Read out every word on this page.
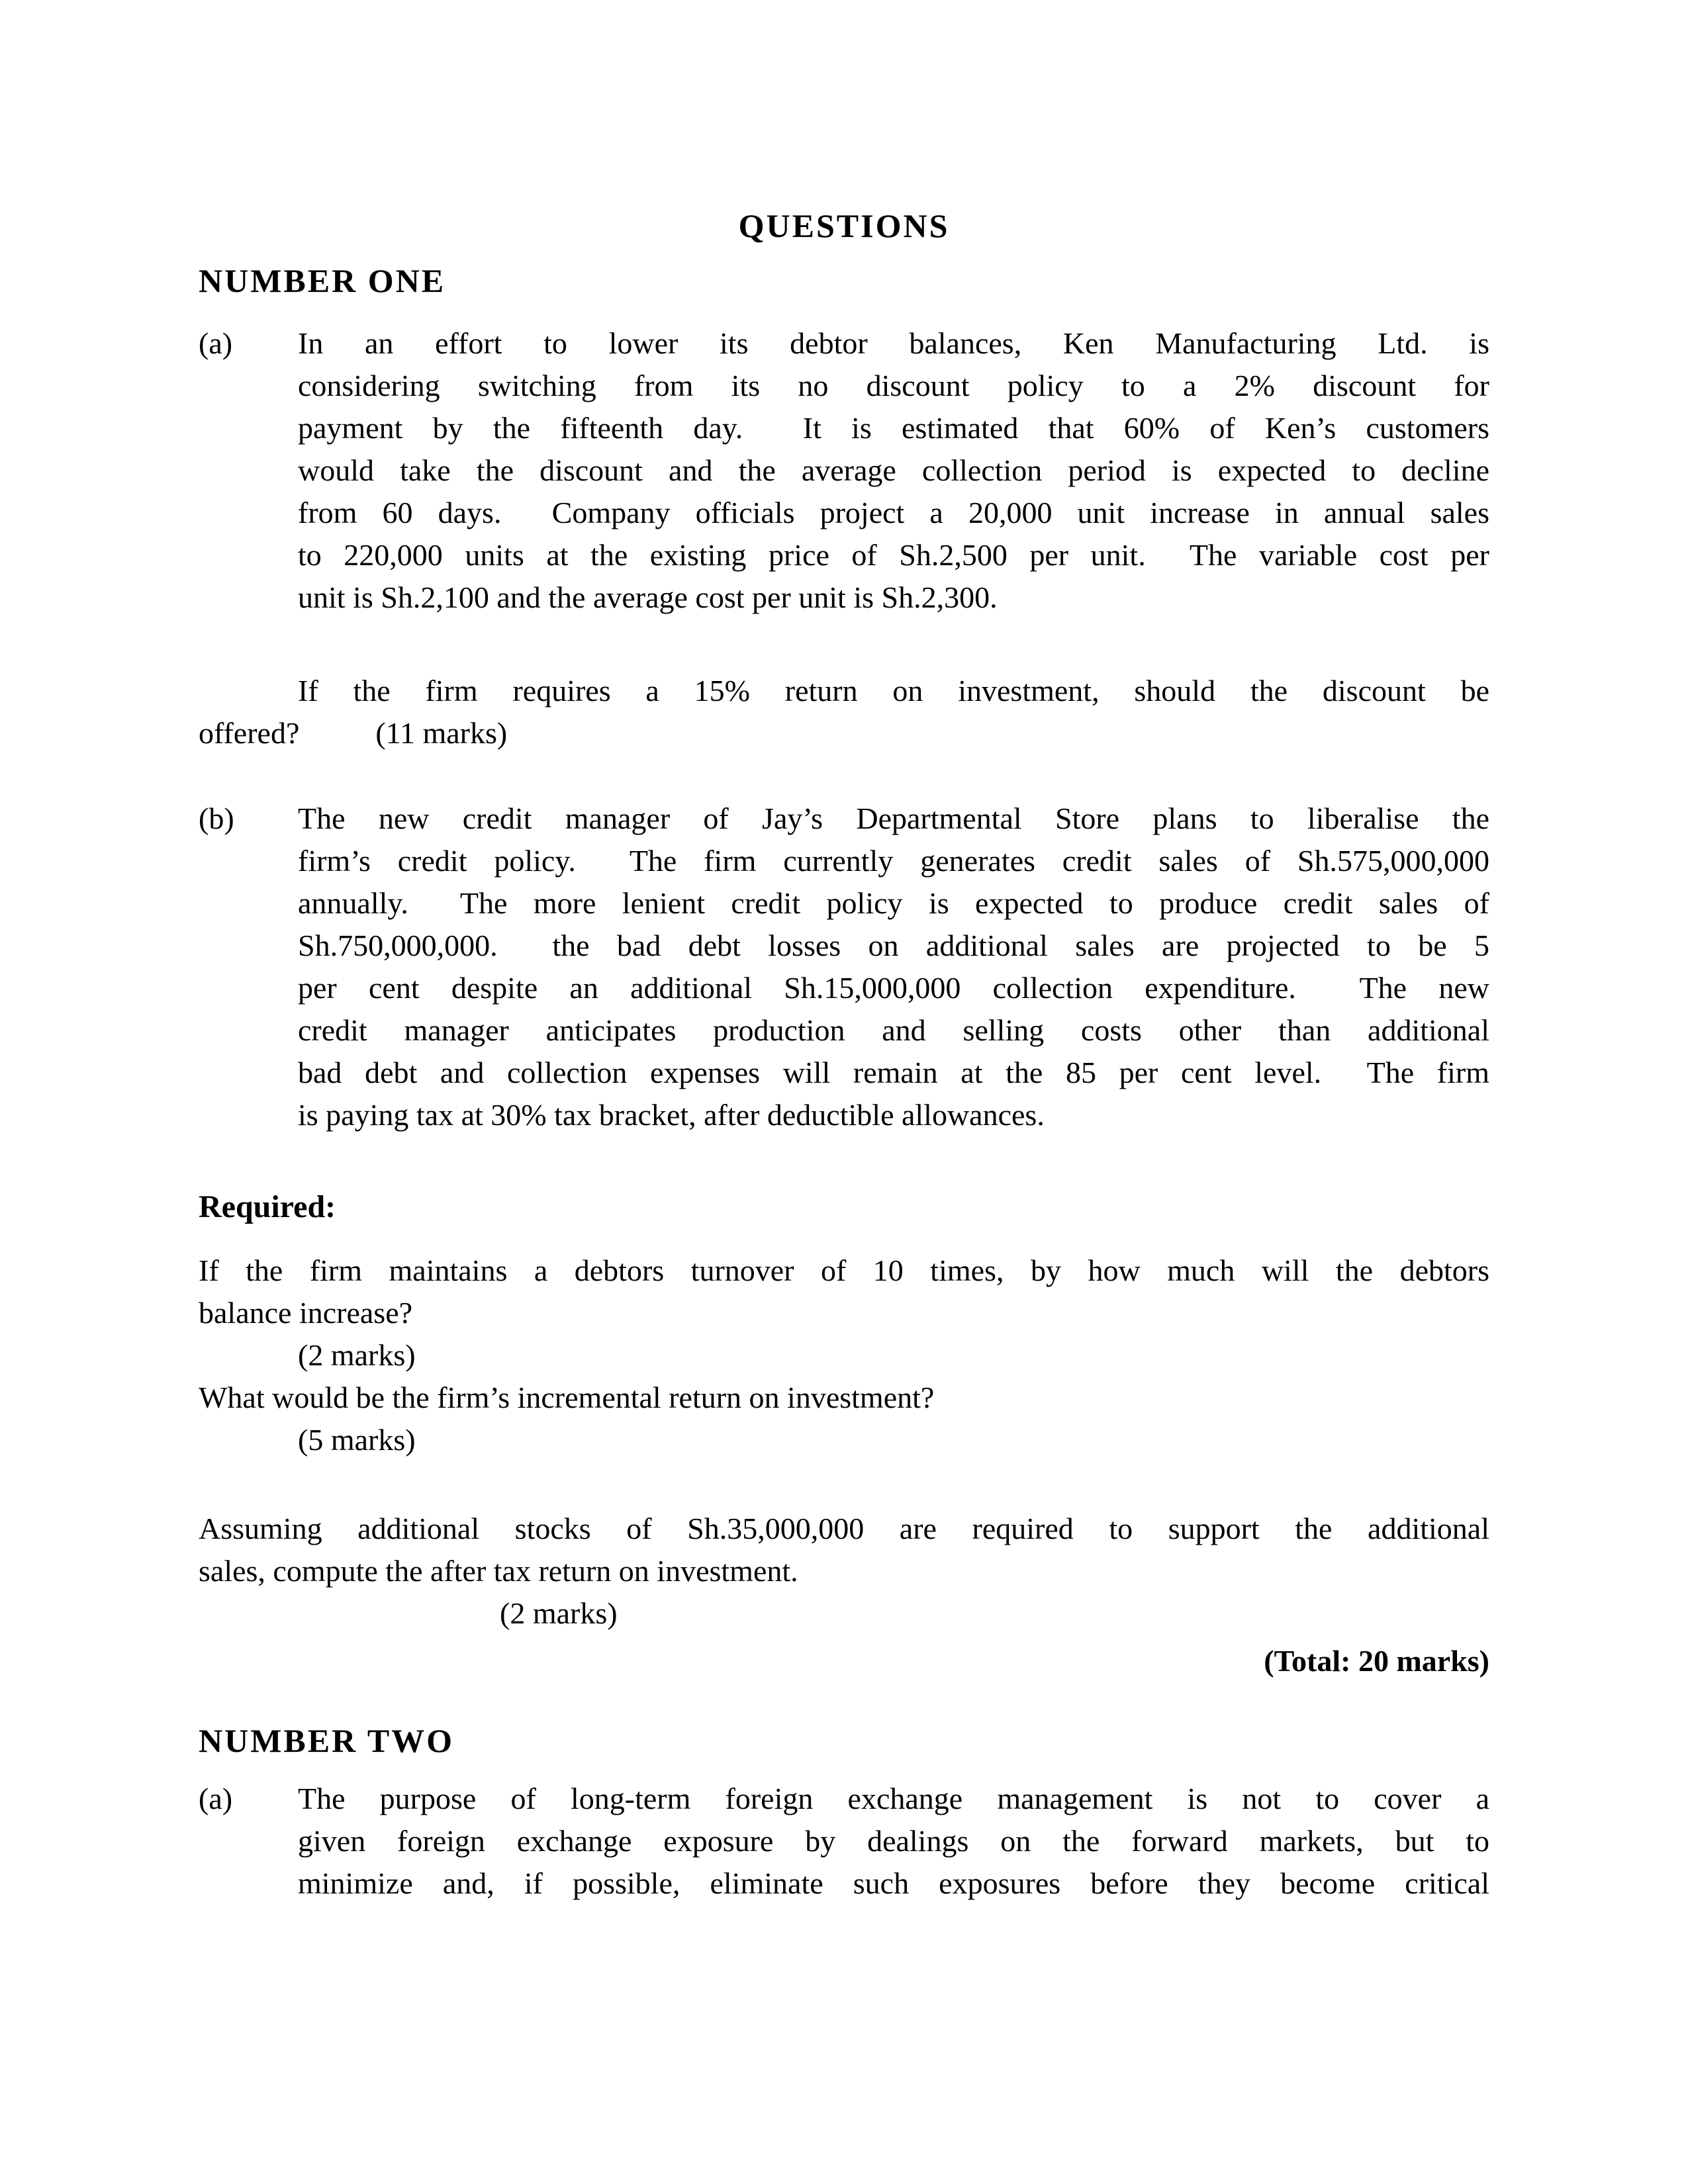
QUESTIONS
NUMBER ONE
(a) In an effort to lower its debtor balances, Ken Manufacturing Ltd. is
considering switching from its no discount policy to a 2% discount for
payment by the fifteenth day.  It is estimated that 60% of Ken’s customers
would take the discount and the average collection period is expected to decline
from 60 days.  Company officials project a 20,000 unit increase in annual sales
to 220,000 units at the existing price of Sh.2,500 per unit.  The variable cost per
unit is Sh.2,100 and the average cost per unit is Sh.2,300.
If the firm requires a 15% return on investment, should the discount be
offered?          (11 marks)
(b) The new credit manager of Jay’s Departmental Store plans to liberalise the
firm’s credit policy.  The firm currently generates credit sales of Sh.575,000,000
annually.  The more lenient credit policy is expected to produce credit sales of
Sh.750,000,000.  the bad debt losses on additional sales are projected to be 5
per cent despite an additional Sh.15,000,000 collection expenditure.  The new
credit manager anticipates production and selling costs other than additional
bad debt and collection expenses will remain at the 85 per cent level.  The firm
is paying tax at 30% tax bracket, after deductible allowances.
Required:
If the firm maintains a debtors turnover of 10 times, by how much will the debtors
balance increase?
(2 marks)
What would be the firm’s incremental return on investment?
(5 marks)
Assuming additional stocks of Sh.35,000,000 are required to support the additional
sales, compute the after tax return on investment.
(2 marks)
(Total: 20 marks)
NUMBER TWO
(a) The purpose of long-term foreign exchange management is not to cover a
given foreign exchange exposure by dealings on the forward markets, but to
minimize and, if possible, eliminate such exposures before they become critical
